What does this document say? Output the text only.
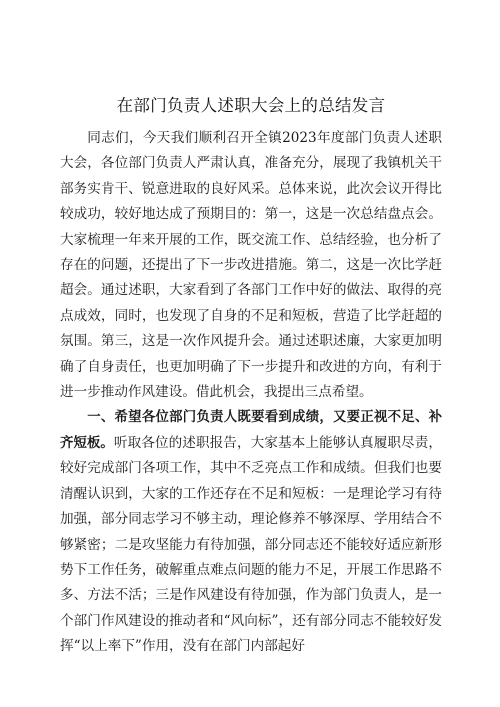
在部门负责人述职大会上的总结发言

同志们，今天我们顺利召开全镇2023年度部门负责人述职大会，各位部门负责人严肃认真，准备充分，展现了我镇机关干部务实肯干、锐意进取的良好风采。总体来说，此次会议开得比较成功，较好地达成了预期目的：第一，这是一次总结盘点会。大家梳理一年来开展的工作，既交流工作、总结经验，也分析了存在的问题，还提出了下一步改进措施。第二，这是一次比学赶超会。通过述职，大家看到了各部门工作中好的做法、取得的亮点成效，同时，也发现了自身的不足和短板，营造了比学赶超的氛围。第三，这是一次作风提升会。通过述职述廉，大家更加明确了自身责任，也更加明确了下一步提升和改进的方向，有利于进一步推动作风建设。借此机会，我提出三点希望。

一、希望各位部门负责人既要看到成绩，又要正视不足、补齐短板。听取各位的述职报告，大家基本上能够认真履职尽责，较好完成部门各项工作，其中不乏亮点工作和成绩。但我们也要清醒认识到，大家的工作还存在不足和短板：一是理论学习有待加强，部分同志学习不够主动，理论修养不够深厚、学用结合不够紧密；二是攻坚能力有待加强，部分同志还不能较好适应新形势下工作任务，破解重点难点问题的能力不足，开展工作思路不多、方法不活；三是作风建设有待加强，作为部门负责人，是一个部门作风建设的推动者和“风向标”，还有部分同志不能较好发挥“以上率下”作用，没有在部门内部起好
